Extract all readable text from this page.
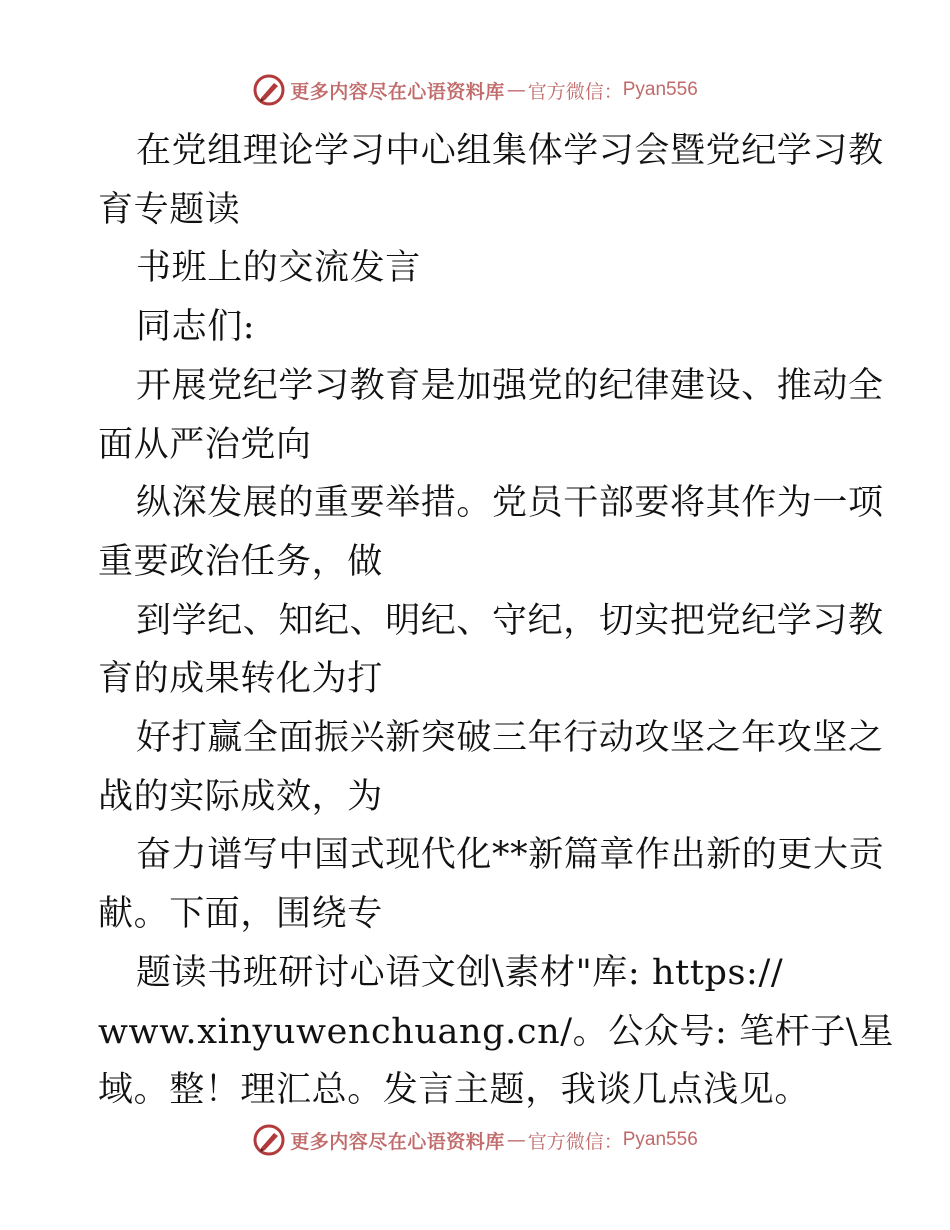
更多内容尽在心语资料库 — 官方微信： Pyan556
在党组理论学习中心组集体学习会暨党纪学习教
育专题读
书班上的交流发言
同志们:
开展党纪学习教育是加强党的纪律建设、推动全
面从严治党向
纵深发展的重要举措。党员干部要将其作为一项
重要政治任务，做
到学纪、知纪、明纪、守纪，切实把党纪学习教
育的成果转化为打
好打赢全面振兴新突破三年行动攻坚之年攻坚之
战的实际成效，为
奋力谱写中国式现代化**新篇章作出新的更大贡
献。下面，围绕专
题读书班研讨心语文创\素材"库: https://
www.xinyuwenchuang.cn/。公众号: 笔杆子\星
域。整！理汇总。发言主题，我谈几点浅见。
更多内容尽在心语资料库 — 官方微信： Pyan556
